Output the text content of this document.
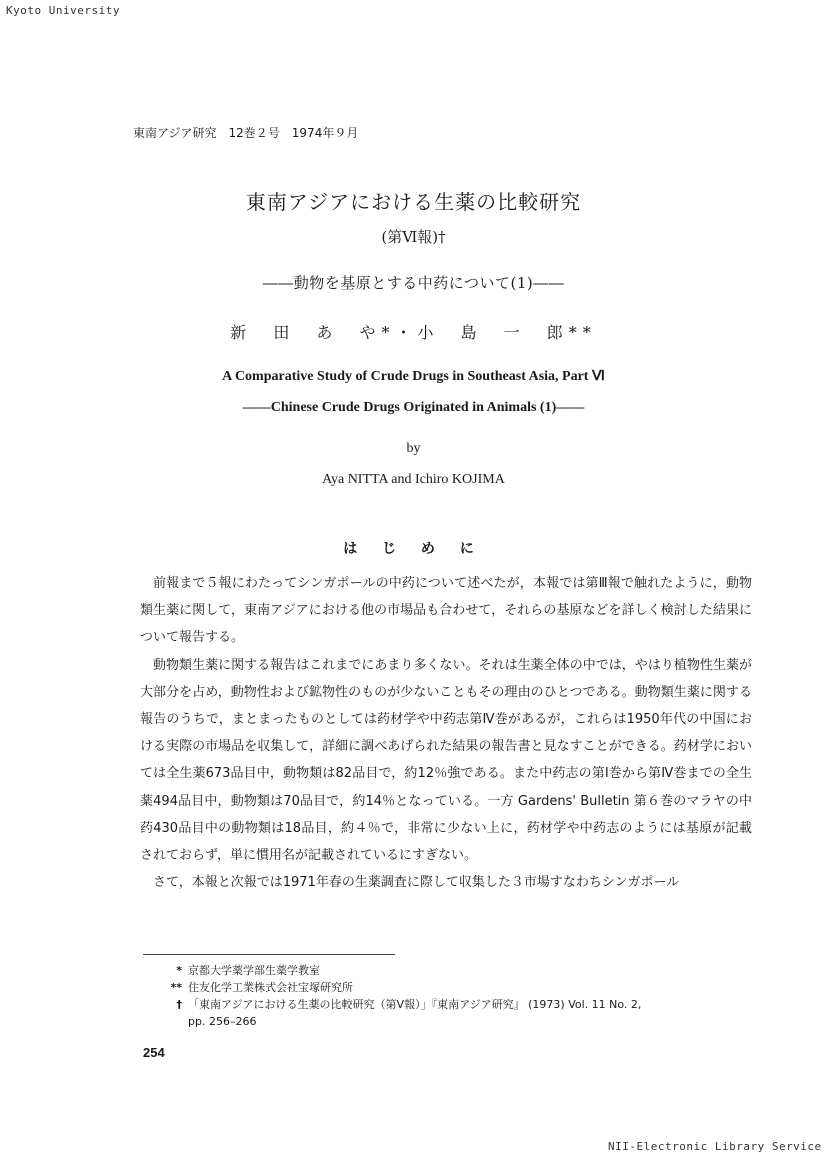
Kyoto University
東南アジア研究　12巻２号　1974年９月
東南アジアにおける生薬の比較研究
(第Ⅵ報)†
――動物を基原とする中药について(1)――
新 田 あ や*・小 島 一 郎**
A Comparative Study of Crude Drugs in Southeast Asia, Part Ⅵ
――Chinese Crude Drugs Originated in Animals (1)――
by
Aya NITTA and Ichiro KOJIMA
は じ め に

前報まで５報にわたってシンガポールの中药について述べたが，本報では第Ⅲ報で触れたように，動物類生薬に関して，東南アジアにおける他の市場品も合わせて，それらの基原などを詳しく検討した結果について報告する。

動物類生薬に関する報告はこれまでにあまり多くない。それは生薬全体の中では，やはり植物性生薬が大部分を占め，動物性および鉱物性のものが少ないこともその理由のひとつである。動物類生薬に関する報告のうちで，まとまったものとしては药材学や中药志第Ⅳ巻があるが，これらは1950年代の中国における実際の市場品を収集して，詳細に調べあげられた結果の報告書と見なすことができる。药材学においては全生薬673品目中，動物類は82品目で，約12％強である。また中药志の第Ⅰ巻から第Ⅳ巻までの全生薬494品目中，動物類は70品目で，約14％となっている。一方 Gardens' Bulletin 第６巻のマラヤの中药430品目中の動物類は18品目，約４％で，非常に少ない上に，药材学や中药志のようには基原が記載されておらず，単に慣用名が記載されているにすぎない。

さて，本報と次報では1971年春の生薬調査に際して収集した３市場すなわちシンガポール

* 京都大学薬学部生薬学教室
** 住友化学工業株式会社宝塚研究所
† 「東南アジアにおける生薬の比較研究（第Ⅴ報）」『東南アジア研究』 (1973) Vol. 11 No. 2,
pp. 256–266
254
NII-Electronic Library Service
